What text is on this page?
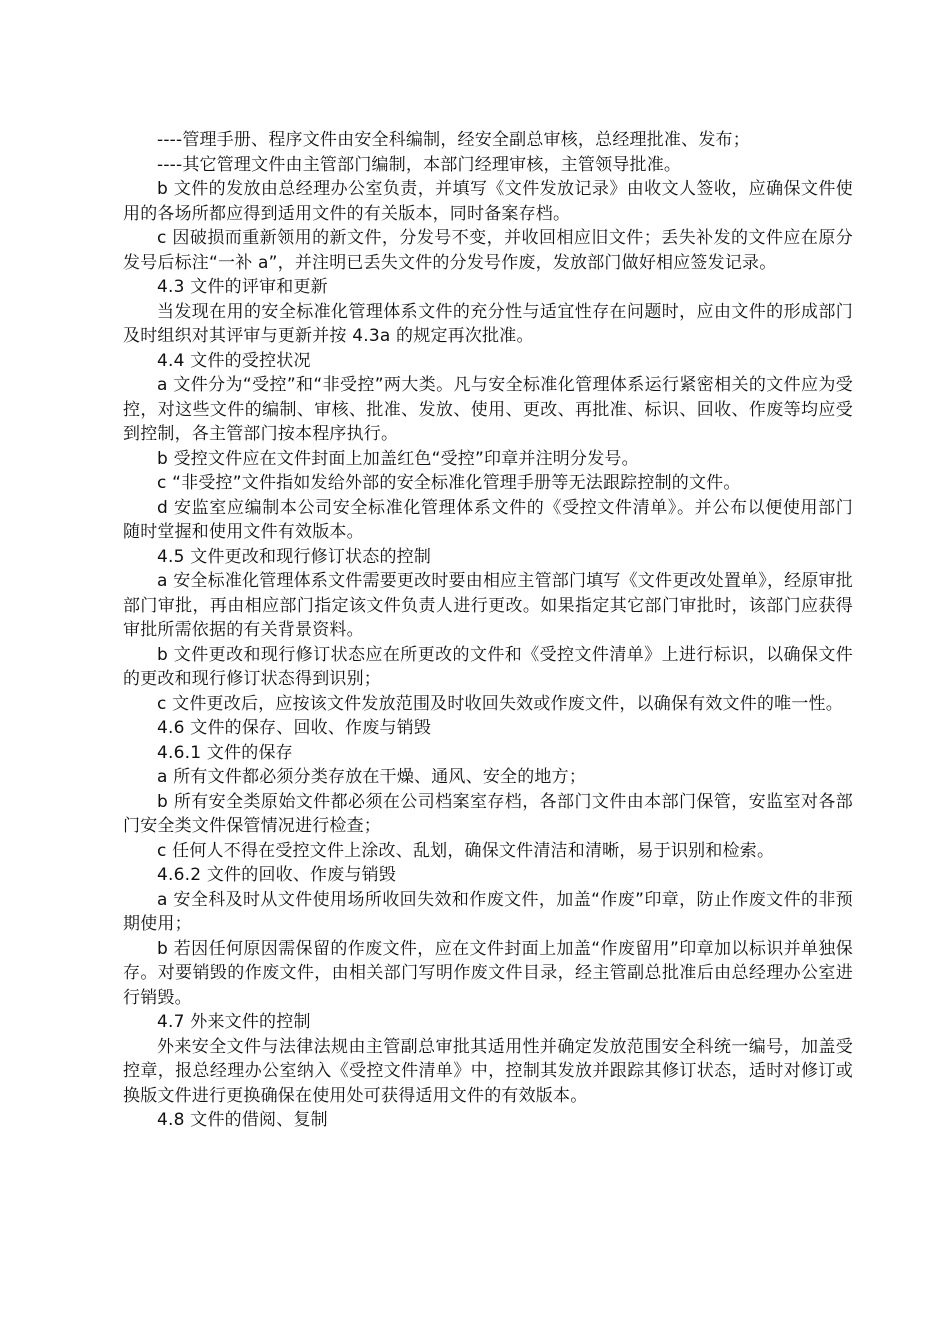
----管理手册、程序文件由安全科编制，经安全副总审核，总经理批准、发布；

----其它管理文件由主管部门编制，本部门经理审核，主管领导批准。

b 文件的发放由总经理办公室负责，并填写《文件发放记录》由收文人签收，应确保文件使用的各场所都应得到适用文件的有关版本，同时备案存档。

c 因破损而重新领用的新文件，分发号不变，并收回相应旧文件；丢失补发的文件应在原分发号后标注“一补 a”，并注明已丢失文件的分发号作废，发放部门做好相应签发记录。

4.3 文件的评审和更新

当发现在用的安全标准化管理体系文件的充分性与适宜性存在问题时，应由文件的形成部门及时组织对其评审与更新并按 4.3a 的规定再次批准。

4.4 文件的受控状况

a 文件分为“受控”和“非受控”两大类。凡与安全标准化管理体系运行紧密相关的文件应为受控，对这些文件的编制、审核、批准、发放、使用、更改、再批准、标识、回收、作废等均应受到控制，各主管部门按本程序执行。

b 受控文件应在文件封面上加盖红色“受控”印章并注明分发号。

c “非受控”文件指如发给外部的安全标准化管理手册等无法跟踪控制的文件。

d 安监室应编制本公司安全标准化管理体系文件的《受控文件清单》。并公布以便使用部门随时堂握和使用文件有效版本。

4.5 文件更改和现行修订状态的控制

a 安全标准化管理体系文件需要更改时要由相应主管部门填写《文件更改处置单》，经原审批部门审批，再由相应部门指定该文件负责人进行更改。如果指定其它部门审批时，该部门应获得审批所需依据的有关背景资料。

b 文件更改和现行修订状态应在所更改的文件和《受控文件清单》上进行标识，以确保文件的更改和现行修订状态得到识别；

c 文件更改后，应按该文件发放范围及时收回失效或作废文件，以确保有效文件的唯一性。

4.6 文件的保存、回收、作废与销毁

4.6.1 文件的保存

a 所有文件都必须分类存放在干燥、通风、安全的地方；

b 所有安全类原始文件都必须在公司档案室存档，各部门文件由本部门保管，安监室对各部门安全类文件保管情况进行检查；

c 任何人不得在受控文件上涂改、乱划，确保文件清洁和清晰，易于识别和检索。

4.6.2 文件的回收、作废与销毁

a 安全科及时从文件使用场所收回失效和作废文件，加盖“作废”印章，防止作废文件的非预期使用；

b 若因任何原因需保留的作废文件，应在文件封面上加盖“作废留用”印章加以标识并单独保存。对要销毁的作废文件，由相关部门写明作废文件目录，经主管副总批准后由总经理办公室进行销毁。

4.7 外来文件的控制

外来安全文件与法律法规由主管副总审批其适用性并确定发放范围安全科统一编号，加盖受控章，报总经理办公室纳入《受控文件清单》中，控制其发放并跟踪其修订状态，适时对修订或换版文件进行更换确保在使用处可获得适用文件的有效版本。

4.8 文件的借阅、复制
